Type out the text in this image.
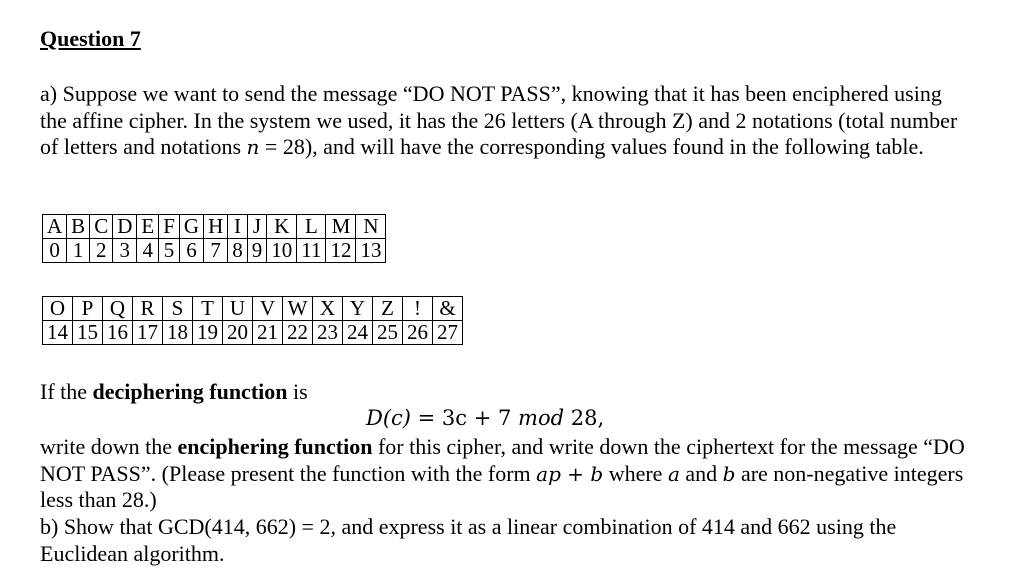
Question 7
a) Suppose we want to send the message “DO NOT PASS”, knowing that it has been enciphered using the affine cipher. In the system we used, it has the 26 letters (A through Z) and 2 notations (total number of letters and notations n = 28), and will have the corresponding values found in the following table.
A	B	C	D	E	F	G	H	I	J	K	L	M	N
0	1	2	3	4	5	6	7	8	9	10	11	12	13
O	P	Q	R	S	T	U	V	W	X	Y	Z	!	&
14	15	16	17	18	19	20	21	22	23	24	25	26	27
If the deciphering function is
D(c) = 3c + 7 mod 28,
write down the enciphering function for this cipher, and write down the ciphertext for the message “DO NOT PASS”. (Please present the function with the form ap + b where a and b are non-negative integers less than 28.)
b) Show that GCD(414, 662) = 2, and express it as a linear combination of 414 and 662 using the Euclidean algorithm.
